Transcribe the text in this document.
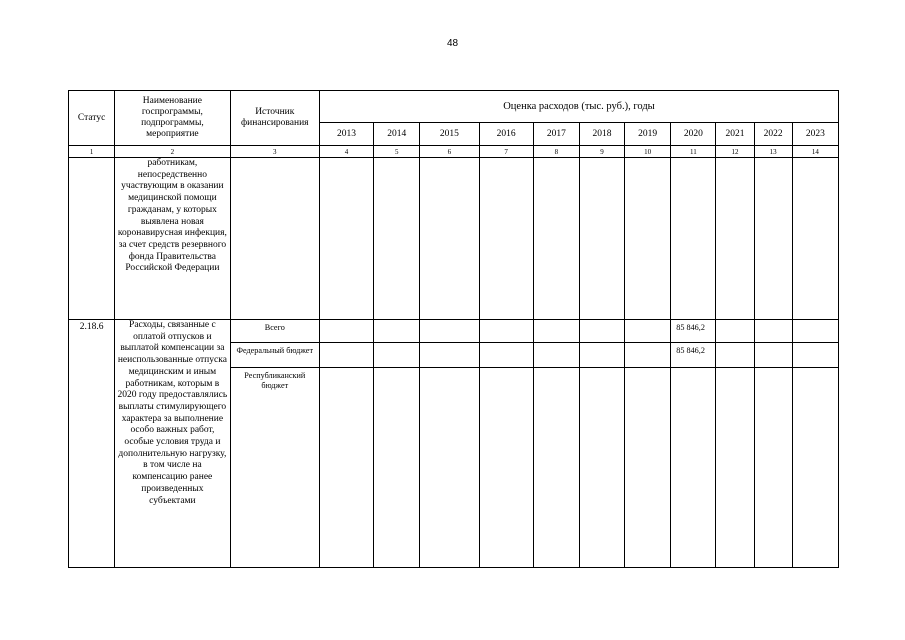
48
Статус	Наименование госпрограммы, подпрограммы, мероприятие	Источник финансирования	Оценка расходов (тыс. руб.), годы										
			2013	2014	2015	2016	2017	2018	2019	2020	2021	2022	2023
1	2	3	4	5	6	7	8	9	10	11	12	13	14
	работникам, непосредственно участвующим в оказании медицинской помощи гражданам, у которых выявлена новая коронавирусная инфекция, за счет средств резервного фонда Правительства Российской Федерации												
2.18.6	Расходы, связанные с оплатой отпусков и выплатой компенсации за неиспользованные отпуска медицинским и иным работникам, которым в 2020 году предоставлялись выплаты стимулирующего характера за выполнение особо важных работ, особые условия труда и дополнительную нагрузку, в том числе на компенсацию ранее произведенных субъектами	Всего								85 846,2			
		Федеральный бюджет								85 846,2			
		Республиканский бюджет											
